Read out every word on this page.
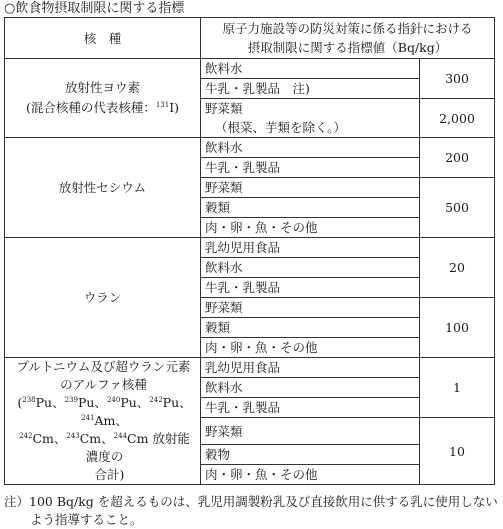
○飲食物摂取制限に関する指標
核　種	原子力施設等の防災対策に係る指針における
摂取制限に関する指標値（Bq/kg）	

放射性ヨウ素
(混合核種の代表核種：$^{131}$I)	飲料水	300
	牛乳・乳製品　注)	

	野菜類
（根菜、芋類を除く。）	2,000
放射性セシウム	飲料水	200
	牛乳・乳製品	
	野菜類	500
	穀類	
	肉・卵・魚・その他	
ウラン	乳幼児用食品	20
	飲料水	
	牛乳・乳製品	
	野菜類	100
	穀類	
	肉・卵・魚・その他	

プルトニウム及び超ウラン元素
のアルファ核種
($^{238}$Pu、$^{239}$Pu、$^{240}$Pu、$^{242}$Pu、$^{241}$Am、
$^{242}$Cm、$^{243}$Cm、$^{244}$Cm 放射能濃度の
合計)	乳幼児用食品	1
	飲料水	
	牛乳・乳製品	
	野菜類	10
	穀物	
	肉・卵・魚・その他	
注）100 Bq/kg を超えるものは、乳児用調製粉乳及び直接飲用に供する乳に使用しない
よう指導すること。
